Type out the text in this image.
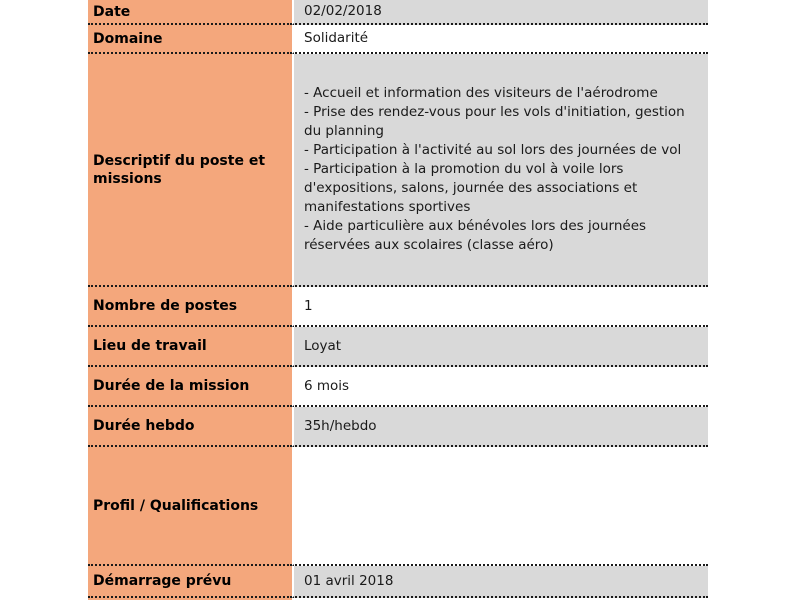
Date	02/02/2018
Domaine	Solidarité
Descriptif du poste et missions	- Accueil et information des visiteurs de l'aérodrome
- Prise des rendez-vous pour les vols d'initiation, gestion du planning
- Participation à l'activité au sol lors des journées de vol
- Participation à la promotion du vol à voile lors d'expositions, salons, journée des associations et manifestations sportives
- Aide particulière aux bénévoles lors des journées réservées aux scolaires (classe aéro)

Nombre de postes	1
Lieu de travail	Loyat
Durée de la mission	6 mois
Durée hebdo	35h/hebdo
Profil / Qualifications	
Démarrage prévu	01 avril 2018
